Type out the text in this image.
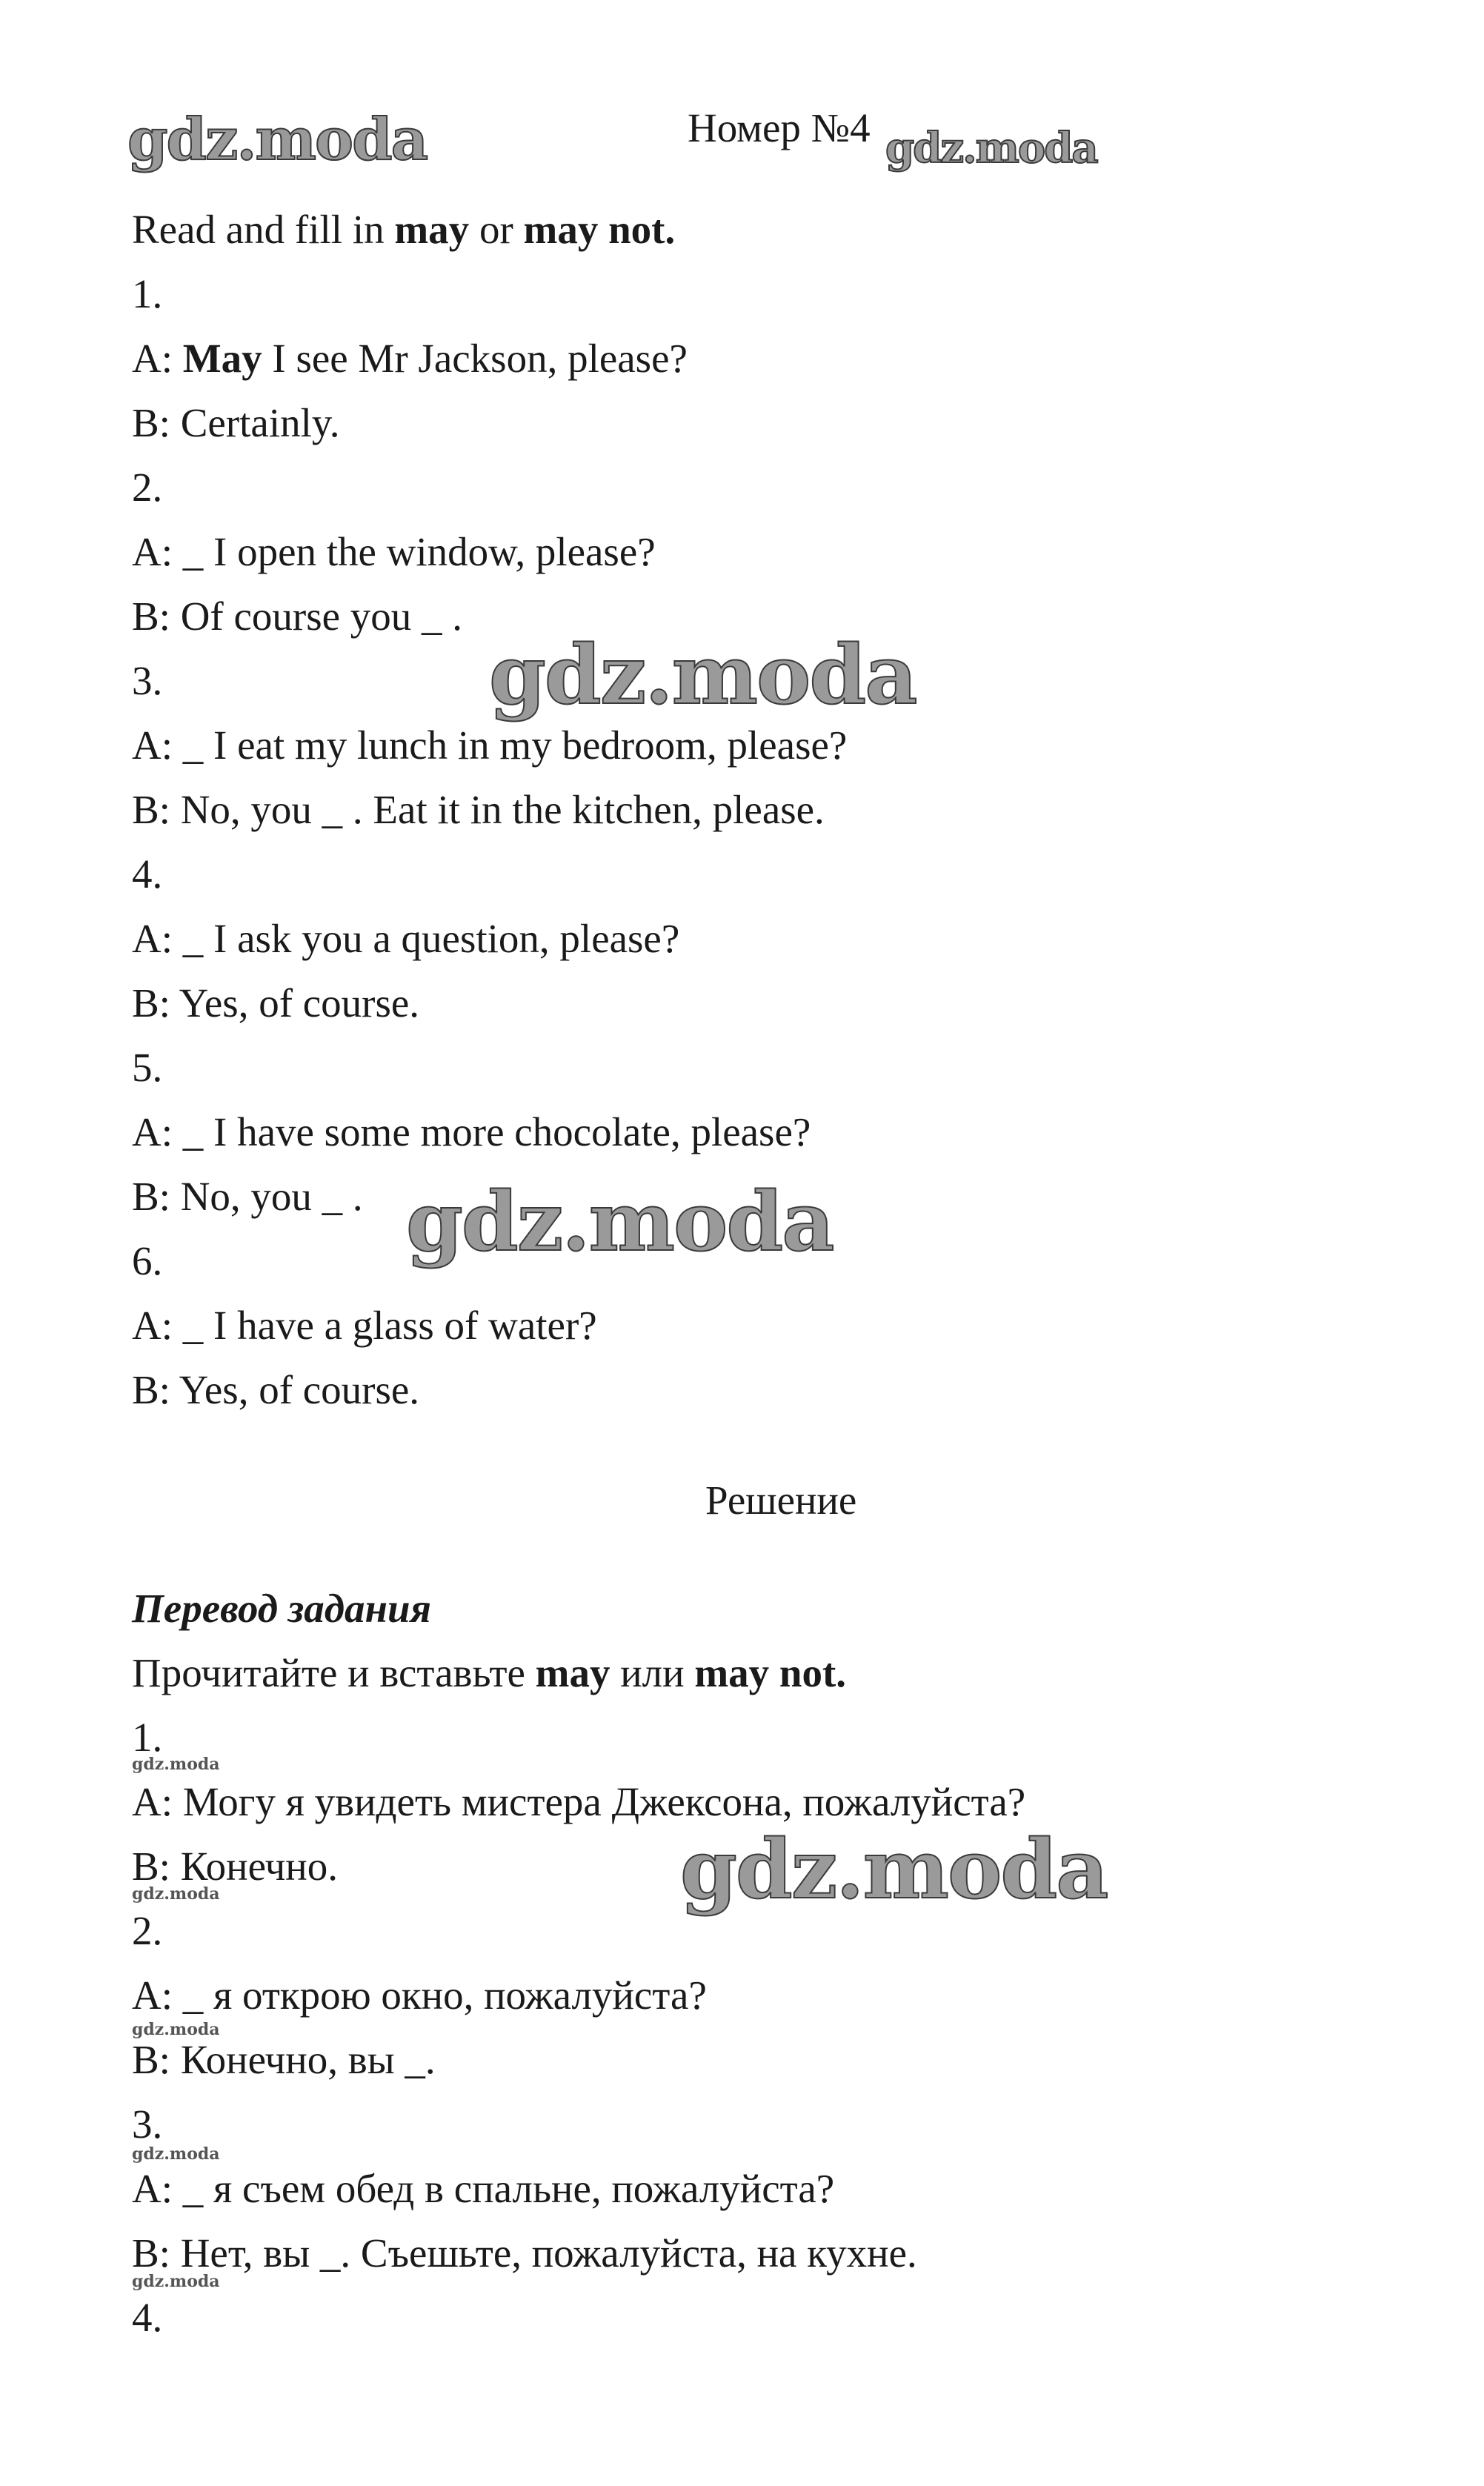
gdz.moda	Номер №4 gdz.moda
Read and fill in may or may not.
1.
A: May I see Mr Jackson, please?
B: Certainly.
2.
A: _ I open the window, please?
B: Of course you _ .
gdz.moda
3.
A: _ I eat my lunch in my bedroom, please?
B: No, you _ . Eat it in the kitchen, please.
4.
A: _ I ask you a question, please?
B: Yes, of course.
5.
A: _ I have some more chocolate, please?
B: No, you _ . gdz.moda
6.
A: _ I have a glass of water?
B: Yes, of course.
Решение
Перевод задания
Прочитайте и вставьте may или may not.
1.
gdz.moda
A: Могу я увидеть мистера Джексона, пожалуйста?
B: Конечно.
gdz.moda	gdz.moda
2.
A: _ я открою окно, пожалуйста?
gdz.moda
B: Конечно, вы _.
3.
gdz.moda
A: _ я съем обед в спальне, пожалуйста?
B: Нет, вы _. Съешьте, пожалуйста, на кухне.
gdz.moda
4.
